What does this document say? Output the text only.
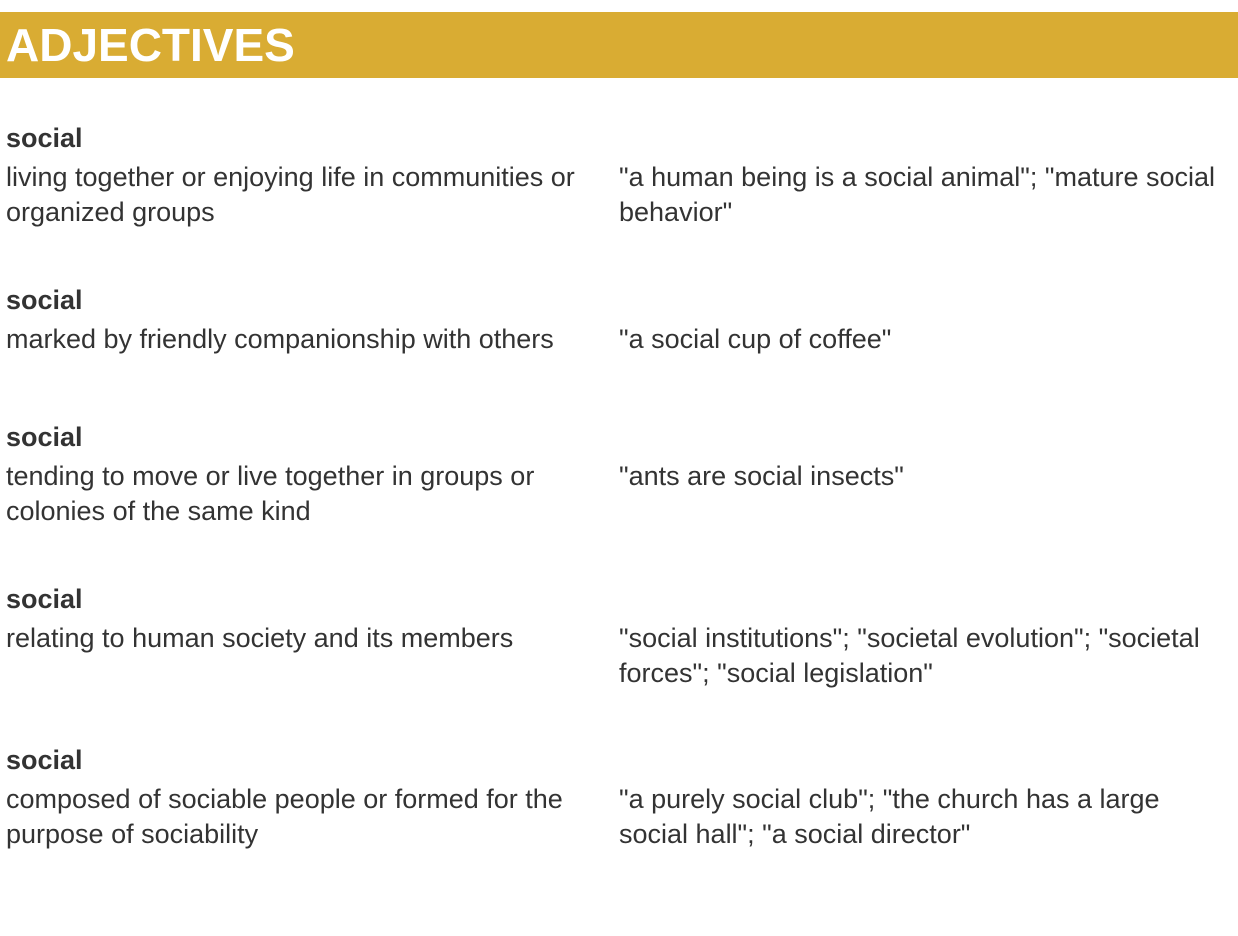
ADJECTIVES
social
living together or enjoying life in communities or organized groups
"a human being is a social animal"; "mature social behavior"
social
marked by friendly companionship with others	"a social cup of coffee"
social
tending to move or live together in groups or colonies of the same kind
"ants are social insects"
social
relating to human society and its members	"social institutions"; "societal evolution"; "societal forces"; "social legislation"
social
composed of sociable people or formed for the purpose of sociability
"a purely social club"; "the church has a large social hall"; "a social director"
